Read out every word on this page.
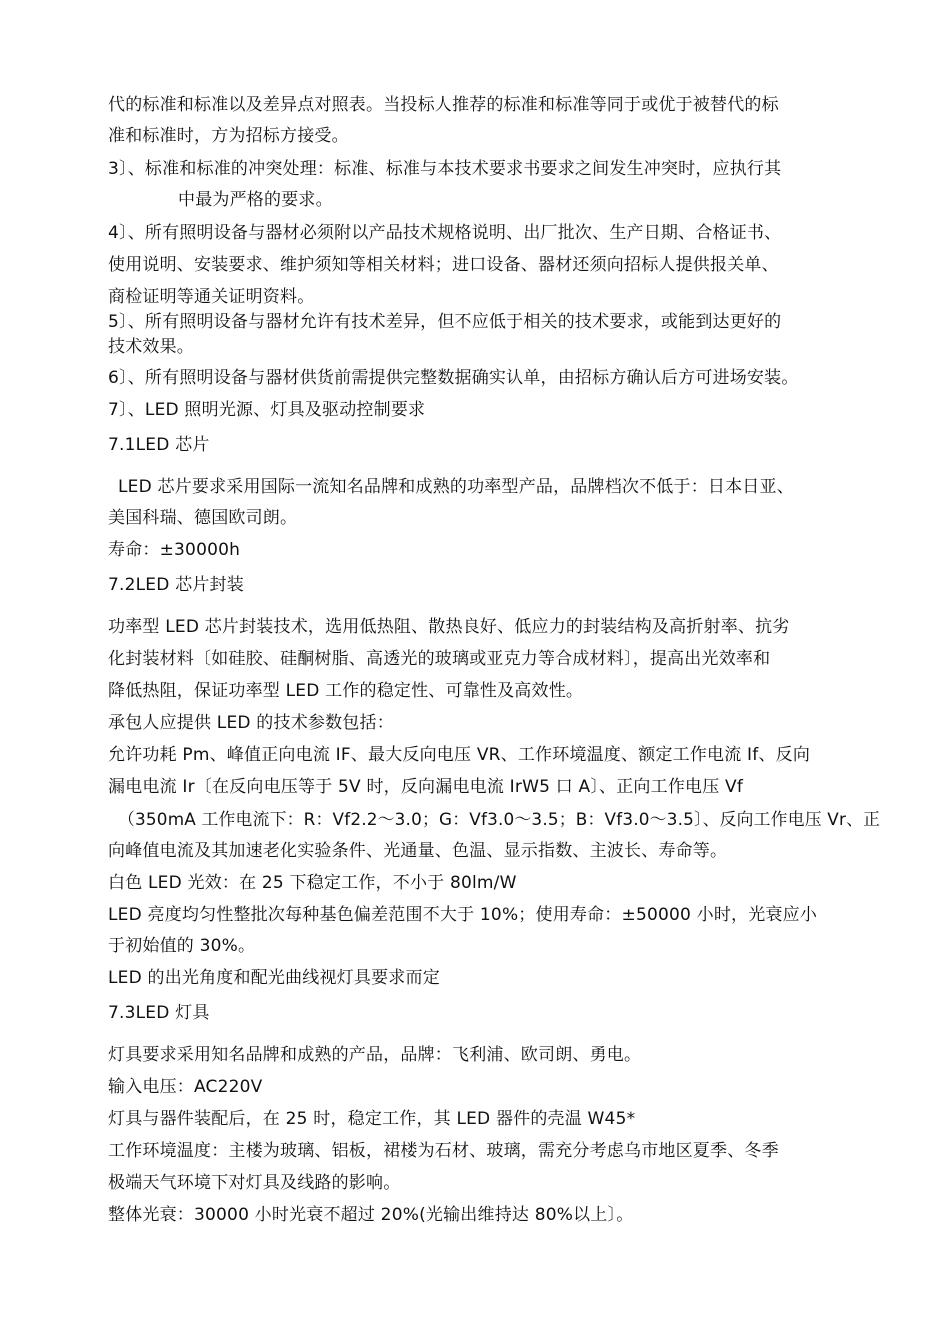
代的标准和标准以及差异点对照表。当投标人推荐的标准和标准等同于或优于被替代的标
准和标准时，方为招标方接受。
3〕、标准和标准的冲突处理：标准、标准与本技术要求书要求之间发生冲突时，应执行其
中最为严格的要求。
4〕、所有照明设备与器材必须附以产品技术规格说明、出厂批次、生产日期、合格证书、
使用说明、安装要求、维护须知等相关材料；进口设备、器材还须向招标人提供报关单、
商检证明等通关证明资料。
5〕、所有照明设备与器材允许有技术差异，但不应低于相关的技术要求，或能到达更好的
技术效果。
6〕、所有照明设备与器材供货前需提供完整数据确实认单，由招标方确认后方可进场安装。
7〕、LED 照明光源、灯具及驱动控制要求
7.1LED 芯片
LED 芯片要求采用国际一流知名品牌和成熟的功率型产品，品牌档次不低于：日本日亚、
美国科瑞、德国欧司朗。
寿命：±30000h
7.2LED 芯片封装
功率型 LED 芯片封装技术，选用低热阻、散热良好、低应力的封装结构及高折射率、抗劣
化封装材料〔如硅胶、硅酮树脂、高透光的玻璃或亚克力等合成材料〕，提高出光效率和
降低热阻，保证功率型 LED 工作的稳定性、可靠性及高效性。
承包人应提供 LED 的技术参数包括：
允许功耗 Pm、峰值正向电流 IF、最大反向电压 VR、工作环境温度、额定工作电流 If、反向
漏电电流 Ir〔在反向电压等于 5V 时，反向漏电电流 IrW5 口 A〕、正向工作电压 Vf
（350mA 工作电流下：R：Vf2.2〜3.0；G：Vf3.0〜3.5；B：Vf3.0〜3.5〕、反向工作电压 Vr、正
向峰值电流及其加速老化实验条件、光通量、色温、显示指数、主波长、寿命等。
白色 LED 光效：在 25 下稳定工作，不小于 80lm/W
LED 亮度均匀性整批次每种基色偏差范围不大于 10%；使用寿命：±50000 小时，光衰应小
于初始值的 30%。
LED 的出光角度和配光曲线视灯具要求而定
7.3LED 灯具
灯具要求采用知名品牌和成熟的产品，品牌：飞利浦、欧司朗、勇电。
输入电压：AC220V
灯具与器件装配后，在 25 时，稳定工作，其 LED 器件的壳温 W45*
工作环境温度：主楼为玻璃、铝板，裙楼为石材、玻璃，需充分考虑乌市地区夏季、冬季
极端天气环境下对灯具及线路的影响。
整体光衰：30000 小时光衰不超过 20%(光输出维持达 80%以上〕。
